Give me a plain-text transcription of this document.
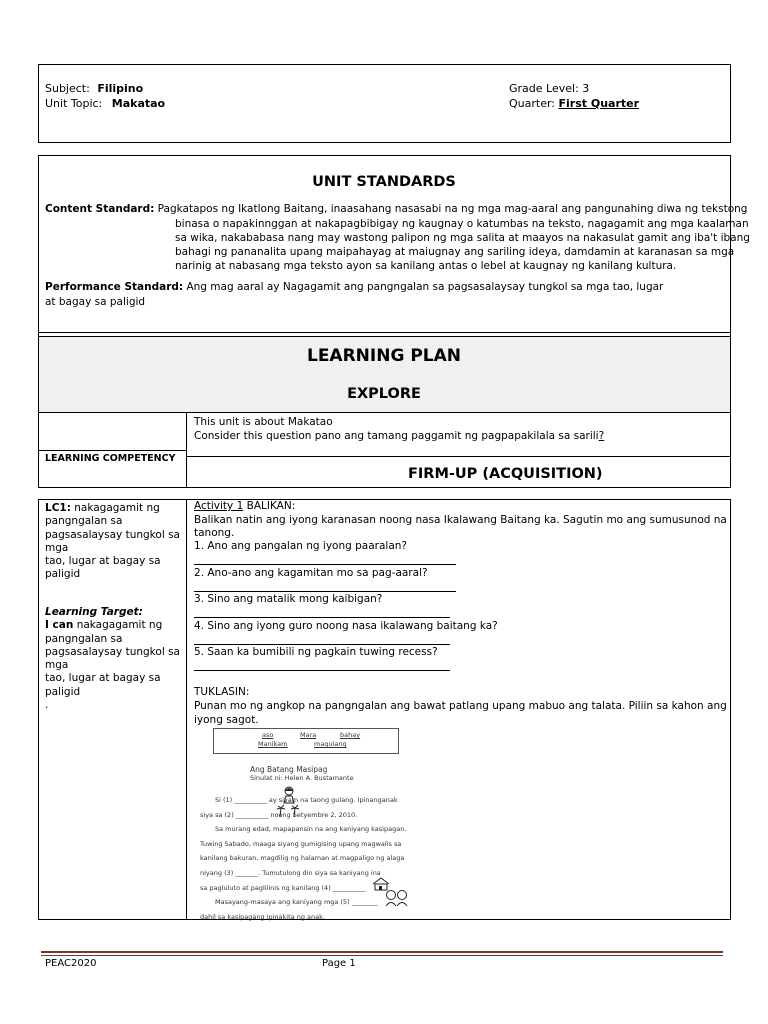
Subject: Filipino
Unit Topic: Makatao
Grade Level: 3
Quarter: First Quarter
UNIT STANDARDS
Content Standard: Pagkatapos ng Ikatlong Baitang, inaasahang nasasabi na ng mga mag-aaral ang pangunahing diwa ng tekstong
binasa o napakinnggan at nakapagbibigay ng kaugnay o katumbas na teksto, nagagamit ang mga kaalaman
sa wika, nakababasa nang may wastong palipon ng mga salita at maayos na nakasulat gamit ang iba't ibang
bahagi ng pananalita upang maipahayag at maiugnay ang sariling ideya, damdamin at karanasan sa mga
narinig at nabasang mga teksto ayon sa kanilang antas o lebel at kaugnay ng kanilang kultura.
Performance Standard: Ang mag aaral ay Nagagamit ang pangngalan sa pagsasalaysay tungkol sa mga tao, lugar
at bagay sa paligid
LEARNING PLAN
EXPLORE
This unit is about Makatao
Consider this question pano ang tamang paggamit ng pagpapakilala sa sarili?
LEARNING COMPETENCY
FIRM-UP (ACQUISITION)
LC1: nakagagamit ng
pangngalan sa
pagsasalaysay tungkol sa
mga
tao, lugar at bagay sa
paligid
Learning Target:
I can nakagagamit ng
pangngalan sa
pagsasalaysay tungkol sa
mga
tao, lugar at bagay sa
paligid
.
Activity 1 BALIKAN:
Balikan natin ang iyong karanasan noong nasa Ikalawang Baitang ka. Sagutin mo ang sumusunod na
tanong.
1. Ano ang pangalan ng iyong paaralan?
2. Ano-ano ang kagamitan mo sa pag-aaral?
3. Sino ang matalik mong kaibigan?
4. Sino ang iyong guro noong nasa ikalawang baitang ka?
5. Saan ka bumibili ng pagkain tuwing recess?
TUKLASIN:
Punan mo ng angkop na pangngalan ang bawat patlang upang mabuo ang talata. Piliin sa kahon ang
iyong sagot.
aso	Mara	bahay
Manikam	magulang
Ang Batang Masipag
Sinulat ni: Helen A. Bustamante
Si (1) __________ ay siyam na taong gulang. Ipinanganak
siya sa (2) __________ noong Setyembre 2, 2010.
Sa murang edad, mapapansin na ang kaniyang kasipagan.
Tuwing Sabado, maaga siyang gumigising upang magwalis sa
kanilang bakuran, magdilig ng halaman at magpaligo ng alaga
niyang (3) _______. Tumutulong din siya sa kaniyang ina
sa pagluluto at paglilinis ng kanilang (4) __________
Masayang-masaya ang kaniyang mga (5) ________
dahil sa kasipagang ipinakita ng anak.
PEAC2020	Page 1
